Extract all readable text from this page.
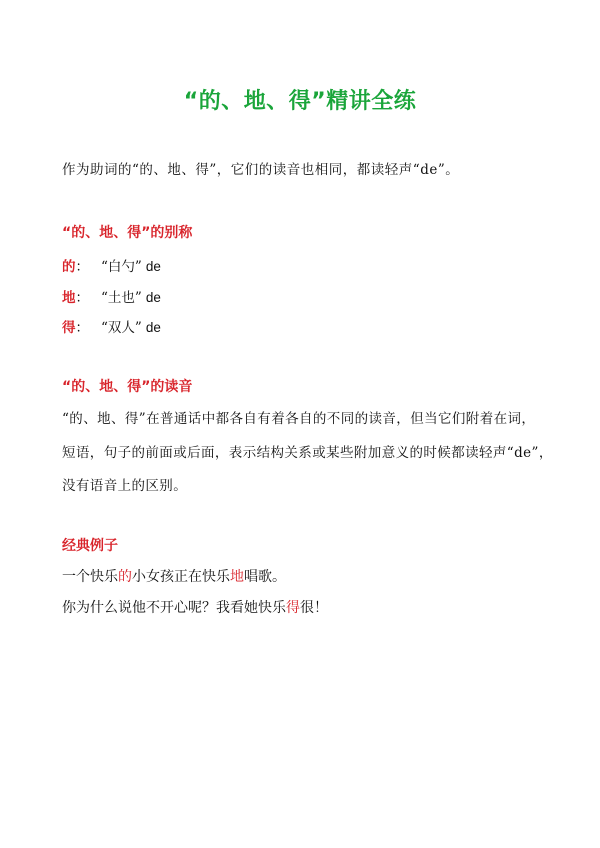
“的、地、得”精讲全练
作为助词的“的、地、得”，它们的读音也相同，都读轻声“de”。
“的、地、得”的别称
的： “白勺” de
地： “土也” de
得： “双人” de
“的、地、得”的读音
“的、地、得”在普通话中都各自有着各自的不同的读音，但当它们附着在词，
短语，句子的前面或后面，表示结构关系或某些附加意义的时候都读轻声“de”，
没有语音上的区别。
经典例子
一个快乐的小女孩正在快乐地唱歌。
你为什么说他不开心呢？我看她快乐得很！
